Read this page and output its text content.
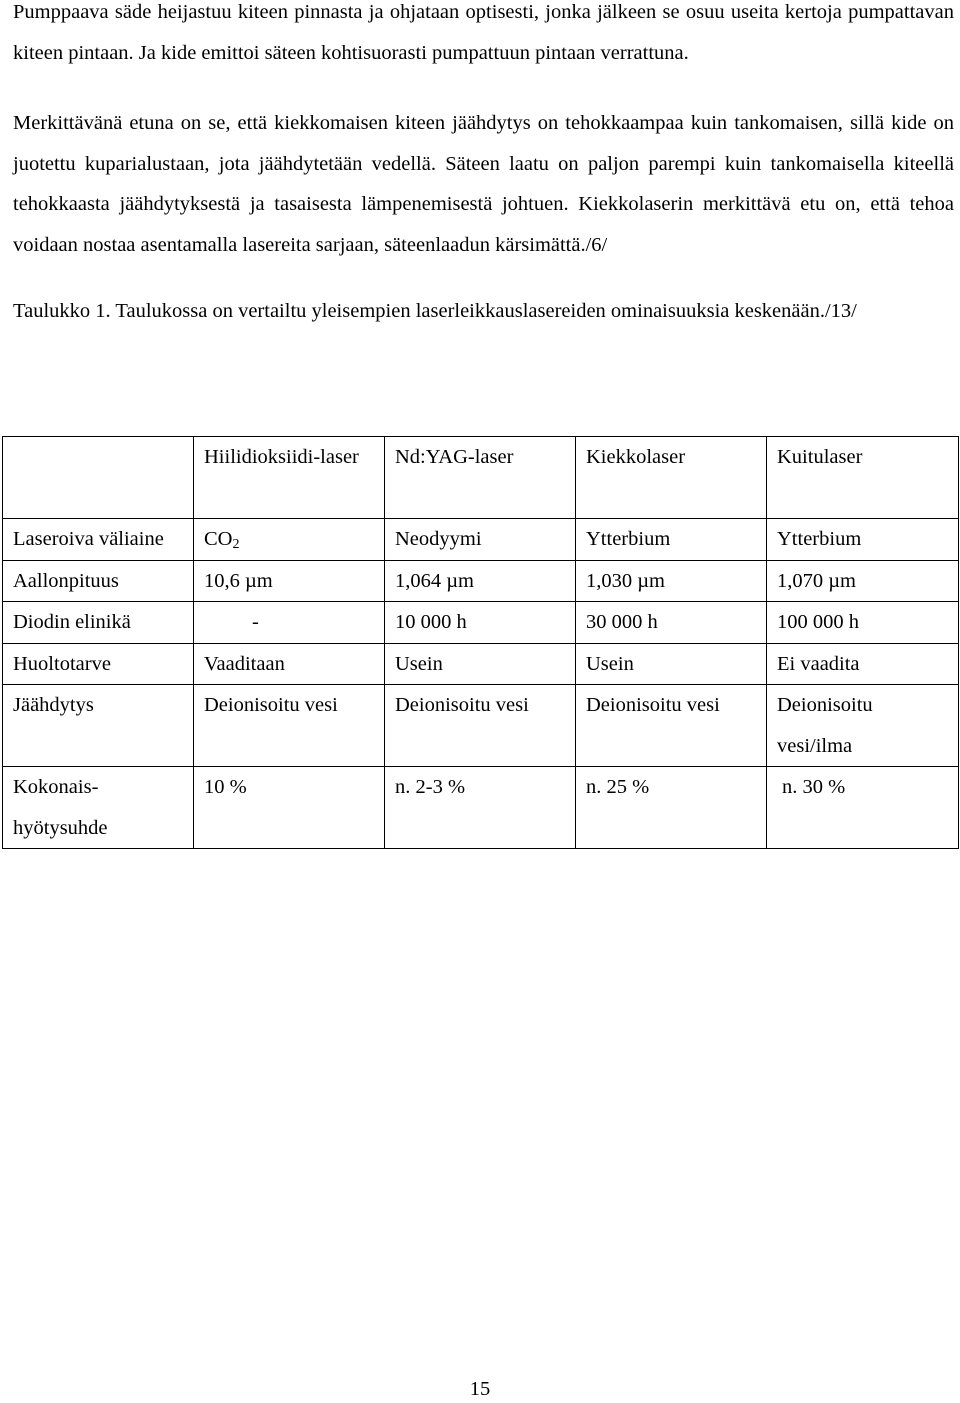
Pumppaava säde heijastuu kiteen pinnasta ja ohjataan optisesti, jonka jälkeen se osuu useita kertoja pumpattavan kiteen pintaan. Ja kide emittoi säteen kohtisuorasti pumpattuun pintaan verrattuna.

Merkittävänä etuna on se, että kiekkomaisen kiteen jäähdytys on tehokkaampaa kuin tankomaisen, sillä kide on juotettu kuparialustaan, jota jäähdytetään vedellä. Säteen laatu on paljon parempi kuin tankomaisella kiteellä tehokkaasta jäähdytyksestä ja tasaisesta lämpenemisestä johtuen. Kiekkolaserin merkittävä etu on, että tehoa voidaan nostaa asentamalla lasereita sarjaan, säteenlaadun kärsimättä./6/

Taulukko 1. Taulukossa on vertailtu yleisempien laserleikkauslasereiden ominaisuuksia keskenään./13/

	Hiilidioksiidi-laser	Nd:YAG-laser	Kiekkolaser	Kuitulaser
Laseroiva väliaine	$CO_2$	Neodyymi	Ytterbium	Ytterbium
Aallonpituus	10,6 µm	1,064 µm	1,030 µm	1,070 µm
Diodin elinikä	-	10 000 h	30 000 h	100 000 h
Huoltotarve	Vaaditaan	Usein	Usein	Ei vaadita
Jäähdytys	Deionisoitu vesi	Deionisoitu vesi	Deionisoitu vesi	Deionisoitu vesi/ilma
Kokonais-hyötysuhde	10 %	n. 2-3 %	n. 25 %	n. 30 %
15
